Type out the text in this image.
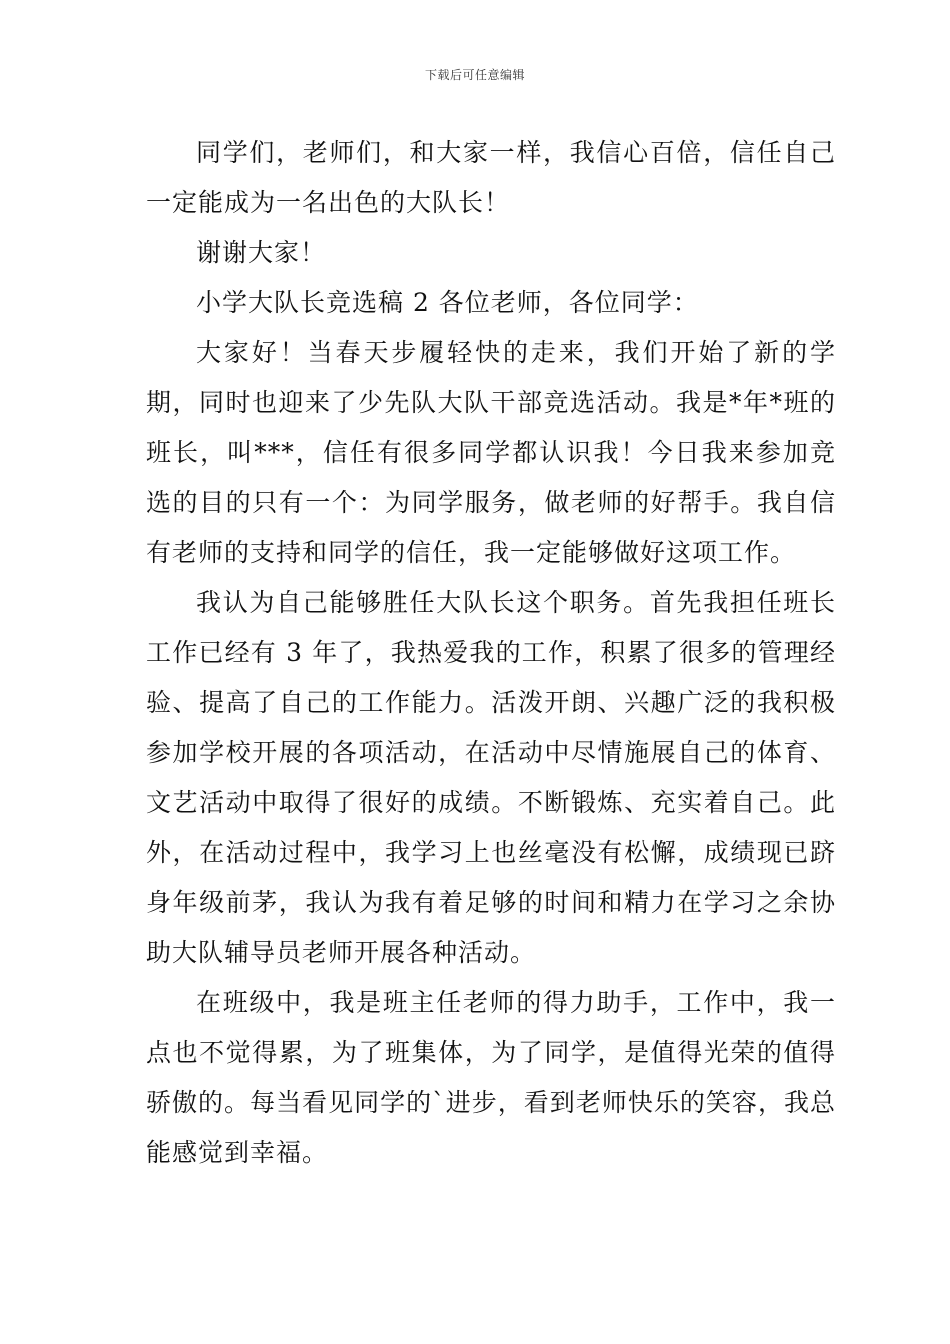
下载后可任意编辑

同学们，老师们，和大家一样，我信心百倍，信任自己一定能成为一名出色的大队长！

谢谢大家！

小学大队长竞选稿 2 各位老师，各位同学：

大家好！当春天步履轻快的走来，我们开始了新的学期，同时也迎来了少先队大队干部竞选活动。我是*年*班的班长，叫***，信任有很多同学都认识我！今日我来参加竞选的目的只有一个：为同学服务，做老师的好帮手。我自信有老师的支持和同学的信任，我一定能够做好这项工作。

我认为自己能够胜任大队长这个职务。首先我担任班长工作已经有 3 年了，我热爱我的工作，积累了很多的管理经验、提高了自己的工作能力。活泼开朗、兴趣广泛的我积极参加学校开展的各项活动，在活动中尽情施展自己的体育、文艺活动中取得了很好的成绩。不断锻炼、充实着自己。此外，在活动过程中，我学习上也丝毫没有松懈，成绩现已跻身年级前茅，我认为我有着足够的时间和精力在学习之余协助大队辅导员老师开展各种活动。

在班级中，我是班主任老师的得力助手，工作中，我一点也不觉得累，为了班集体，为了同学，是值得光荣的值得骄傲的。每当看见同学的`进步，看到老师快乐的笑容，我总能感觉到幸福。
